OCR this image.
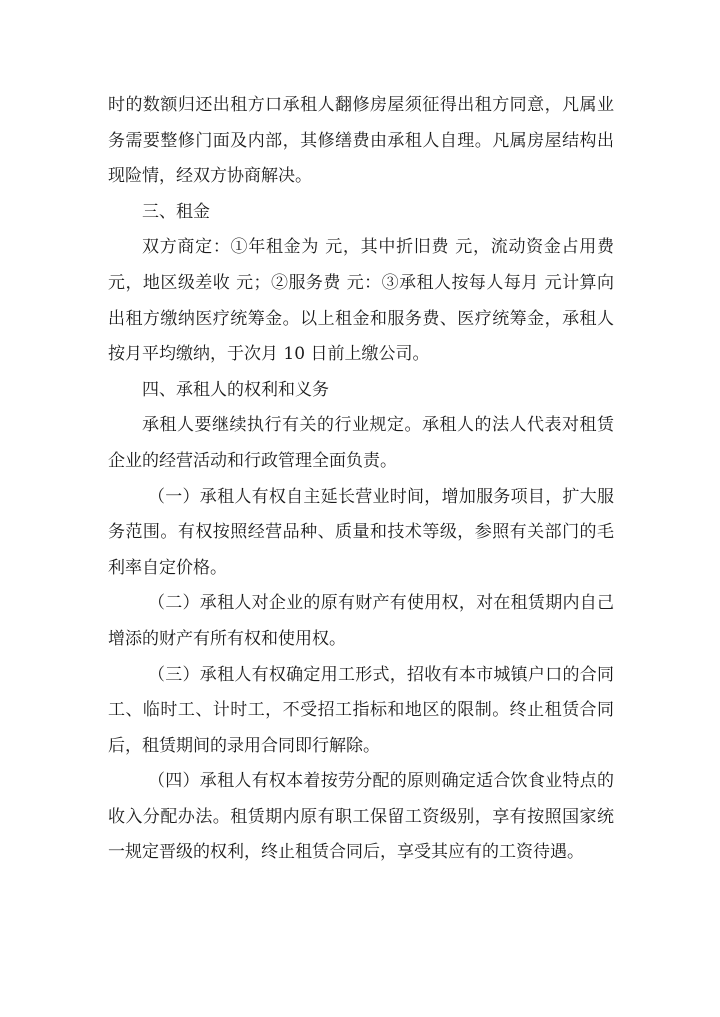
时的数额归还出租方口承租人翻修房屋须征得出租方同意，凡属业务需要整修门面及内部，其修缮费由承租人自理。凡属房屋结构出现险情，经双方协商解决。

三、租金

双方商定：①年租金为 元，其中折旧费 元，流动资金占用费 元，地区级差收 元；②服务费 元：③承租人按每人每月 元计算向出租方缴纳医疗统筹金。以上租金和服务费、医疗统筹金，承租人按月平均缴纳，于次月 10 日前上缴公司。

四、承租人的权利和义务

承租人要继续执行有关的行业规定。承租人的法人代表对租赁企业的经营活动和行政管理全面负责。

（一）承租人有权自主延长营业时间，增加服务项目，扩大服务范围。有权按照经营品种、质量和技术等级，参照有关部门的毛利率自定价格。

（二）承租人对企业的原有财产有使用权，对在租赁期内自己增添的财产有所有权和使用权。

（三）承租人有权确定用工形式，招收有本市城镇户口的合同工、临时工、计时工，不受招工指标和地区的限制。终止租赁合同后，租赁期间的录用合同即行解除。

（四）承租人有权本着按劳分配的原则确定适合饮食业特点的收入分配办法。租赁期内原有职工保留工资级别，享有按照国家统一规定晋级的权利，终止租赁合同后，享受其应有的工资待遇。
